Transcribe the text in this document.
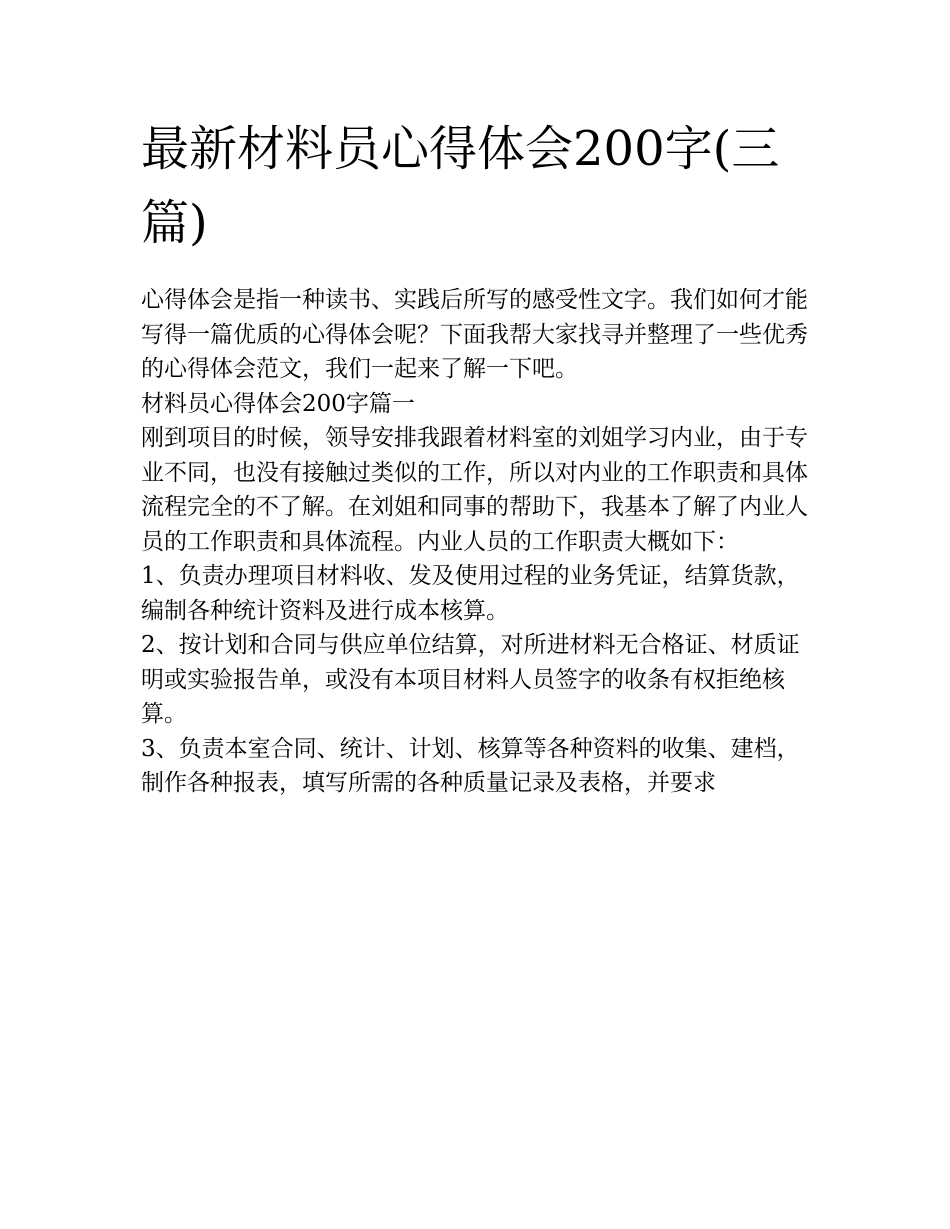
最新材料员心得体会200字(三篇)

心得体会是指一种读书、实践后所写的感受性文字。我们如何才能写得一篇优质的心得体会呢？下面我帮大家找寻并整理了一些优秀的心得体会范文，我们一起来了解一下吧。

材料员心得体会200字篇一

刚到项目的时候，领导安排我跟着材料室的刘姐学习内业，由于专业不同，也没有接触过类似的工作，所以对内业的工作职责和具体流程完全的不了解。在刘姐和同事的帮助下，我基本了解了内业人员的工作职责和具体流程。内业人员的工作职责大概如下：

1、负责办理项目材料收、发及使用过程的业务凭证，结算货款，编制各种统计资料及进行成本核算。

2、按计划和合同与供应单位结算，对所进材料无合格证、材质证明或实验报告单，或没有本项目材料人员签字的收条有权拒绝核算。

3、负责本室合同、统计、计划、核算等各种资料的收集、建档，制作各种报表，填写所需的各种质量记录及表格，并要求
